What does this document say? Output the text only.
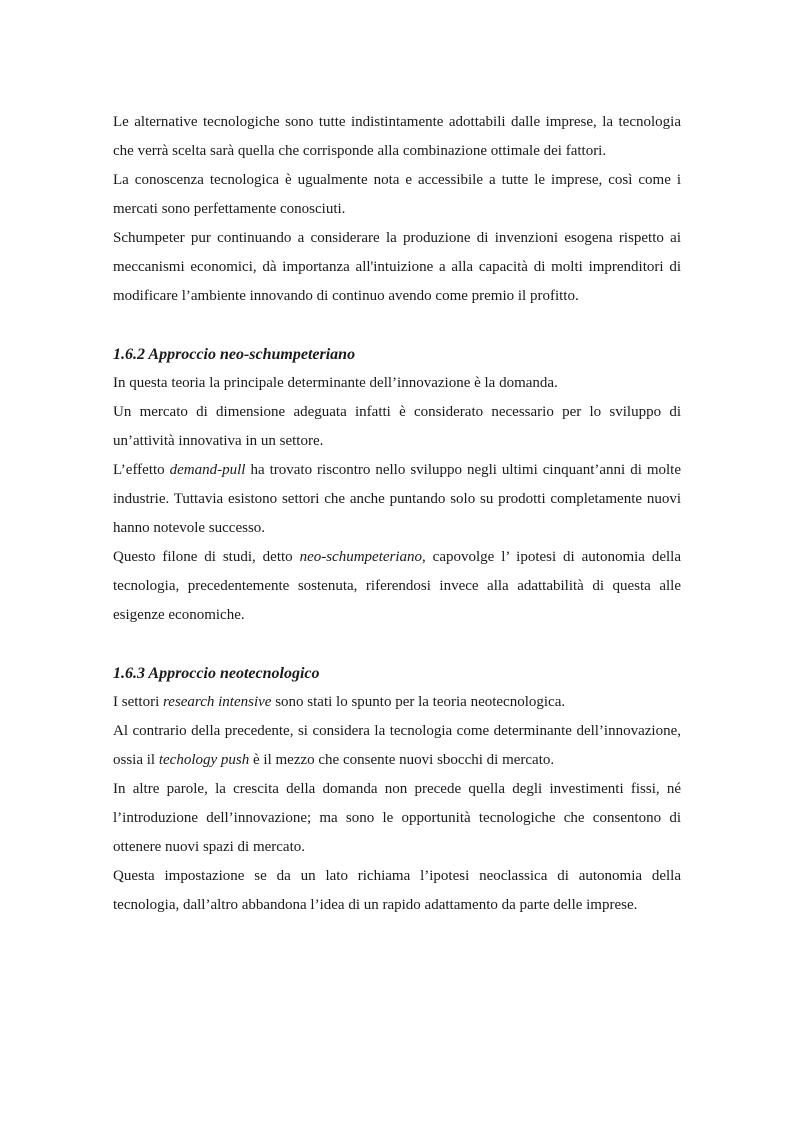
Le alternative tecnologiche sono tutte indistintamente adottabili dalle imprese, la tecnologia che verrà scelta sarà quella che corrisponde alla combinazione ottimale dei fattori.

La conoscenza tecnologica è ugualmente nota e accessibile a tutte le imprese, così come i mercati sono perfettamente conosciuti.

Schumpeter pur continuando a considerare la produzione di invenzioni esogena rispetto ai meccanismi economici, dà importanza all'intuizione a alla capacità di molti imprenditori di modificare l’ambiente innovando di continuo avendo come premio il profitto.

1.6.2 Approccio neo-schumpeteriano

In questa teoria la principale determinante dell’innovazione è la domanda.

Un mercato di dimensione adeguata infatti è considerato necessario per lo sviluppo di un’attività innovativa in un settore.

L’effetto demand-pull ha trovato riscontro nello sviluppo negli ultimi cinquant’anni di molte industrie. Tuttavia esistono settori che anche puntando solo su prodotti completamente nuovi hanno notevole successo.

Questo filone di studi, detto neo-schumpeteriano, capovolge l’ ipotesi di autonomia della tecnologia, precedentemente sostenuta, riferendosi invece alla adattabilità di questa alle esigenze economiche.

1.6.3 Approccio neotecnologico

I settori research intensive sono stati lo spunto per la teoria neotecnologica.

Al contrario della precedente, si considera la tecnologia come determinante dell’innovazione, ossia il techology push è il mezzo che consente nuovi sbocchi di mercato.

In altre parole, la crescita della domanda non precede quella degli investimenti fissi, né l’introduzione dell’innovazione; ma sono le opportunità tecnologiche che consentono di ottenere nuovi spazi di mercato.

Questa impostazione se da un lato richiama l’ipotesi neoclassica di autonomia della tecnologia, dall’altro abbandona l’idea di un rapido adattamento da parte delle imprese.
